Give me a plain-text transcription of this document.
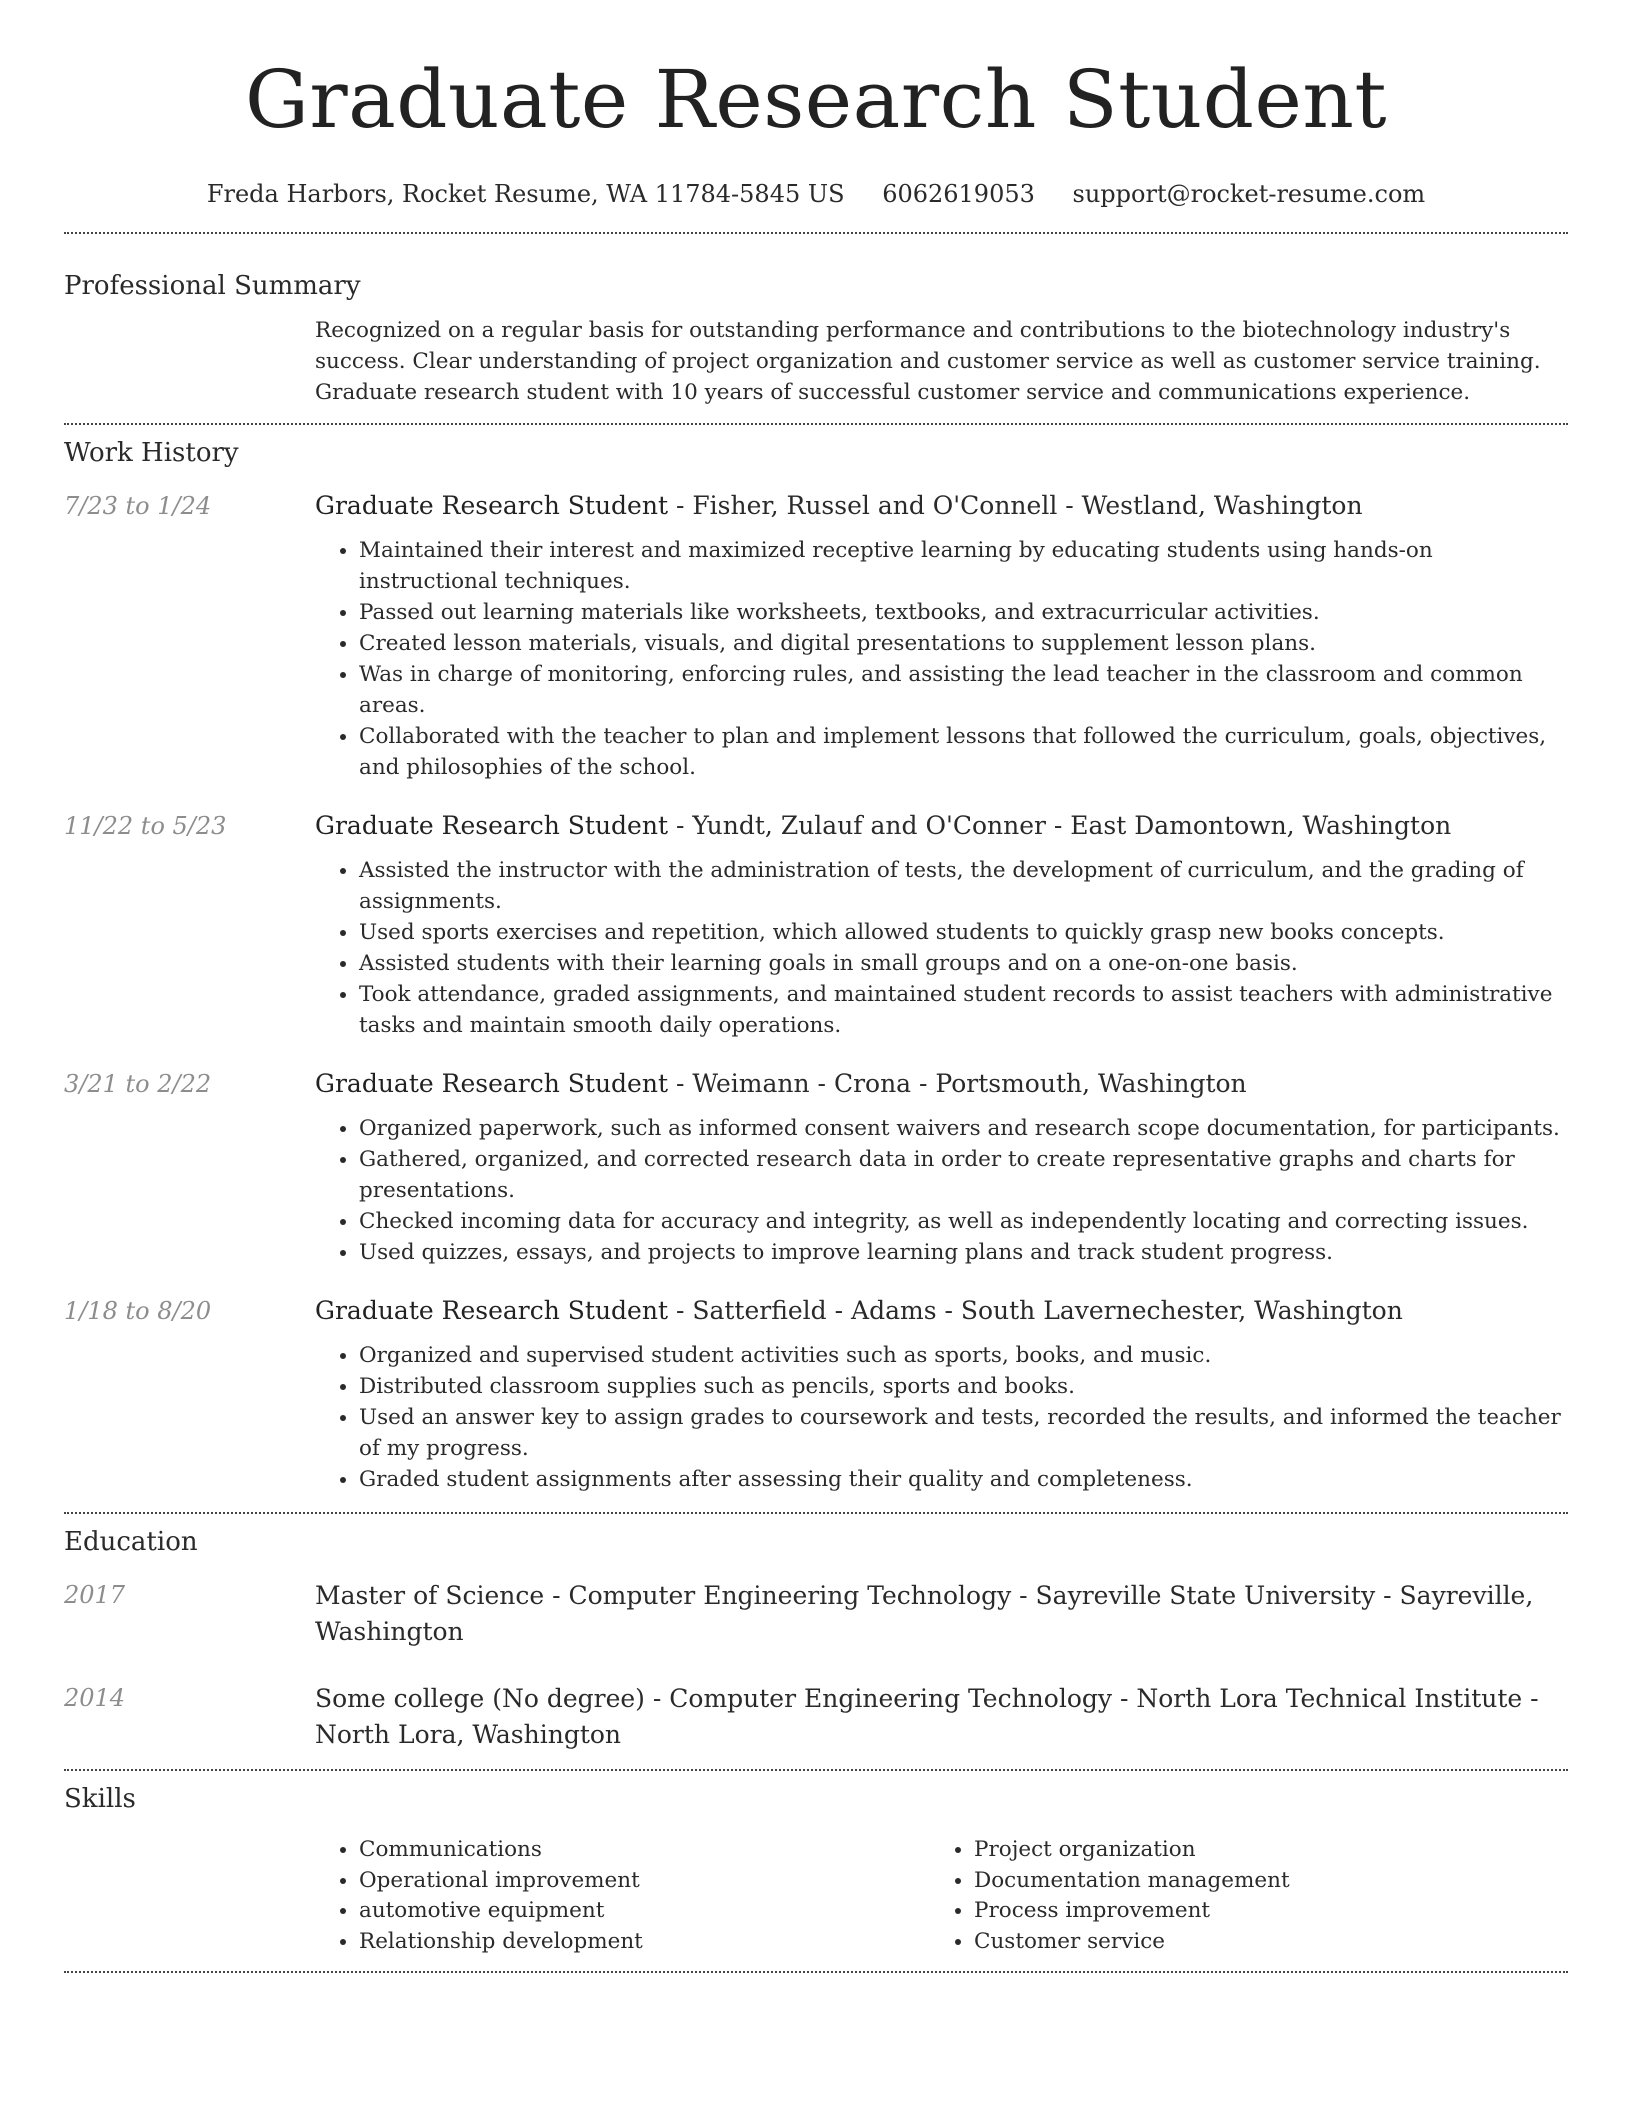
Graduate Research Student
Freda Harbors, Rocket Resume, WA 11784-5845 US 6062619053 support@rocket-resume.com
Professional Summary

Recognized on a regular basis for outstanding performance and contributions to the biotechnology industry's success. Clear understanding of project organization and customer service as well as customer service training. Graduate research student with 10 years of successful customer service and communications experience.

Work History
7/23 to 1/24	Graduate Research Student - Fisher, Russel and O'Connell - Westland, Washington
• Maintained their interest and maximized receptive learning by educating students using hands-on instructional techniques.
• Passed out learning materials like worksheets, textbooks, and extracurricular activities.
• Created lesson materials, visuals, and digital presentations to supplement lesson plans.
• Was in charge of monitoring, enforcing rules, and assisting the lead teacher in the classroom and common areas.
• Collaborated with the teacher to plan and implement lessons that followed the curriculum, goals, objectives, and philosophies of the school.
11/22 to 5/23	Graduate Research Student - Yundt, Zulauf and O'Conner - East Damontown, Washington
• Assisted the instructor with the administration of tests, the development of curriculum, and the grading of assignments.
• Used sports exercises and repetition, which allowed students to quickly grasp new books concepts.
• Assisted students with their learning goals in small groups and on a one-on-one basis.
• Took attendance, graded assignments, and maintained student records to assist teachers with administrative tasks and maintain smooth daily operations.
3/21 to 2/22	Graduate Research Student - Weimann - Crona - Portsmouth, Washington
• Organized paperwork, such as informed consent waivers and research scope documentation, for participants.
• Gathered, organized, and corrected research data in order to create representative graphs and charts for presentations.
• Checked incoming data for accuracy and integrity, as well as independently locating and correcting issues.
• Used quizzes, essays, and projects to improve learning plans and track student progress.
1/18 to 8/20	Graduate Research Student - Satterfield - Adams - South Lavernechester, Washington
• Organized and supervised student activities such as sports, books, and music.
• Distributed classroom supplies such as pencils, sports and books.
• Used an answer key to assign grades to coursework and tests, recorded the results, and informed the teacher of my progress.
• Graded student assignments after assessing their quality and completeness.
Education
2017	Master of Science - Computer Engineering Technology - Sayreville State University - Sayreville, Washington
2014	Some college (No degree) - Computer Engineering Technology - North Lora Technical Institute - North Lora, Washington
Skills
• Communications
• Operational improvement
• automotive equipment
• Relationship development
• Project organization
• Documentation management
• Process improvement
• Customer service
